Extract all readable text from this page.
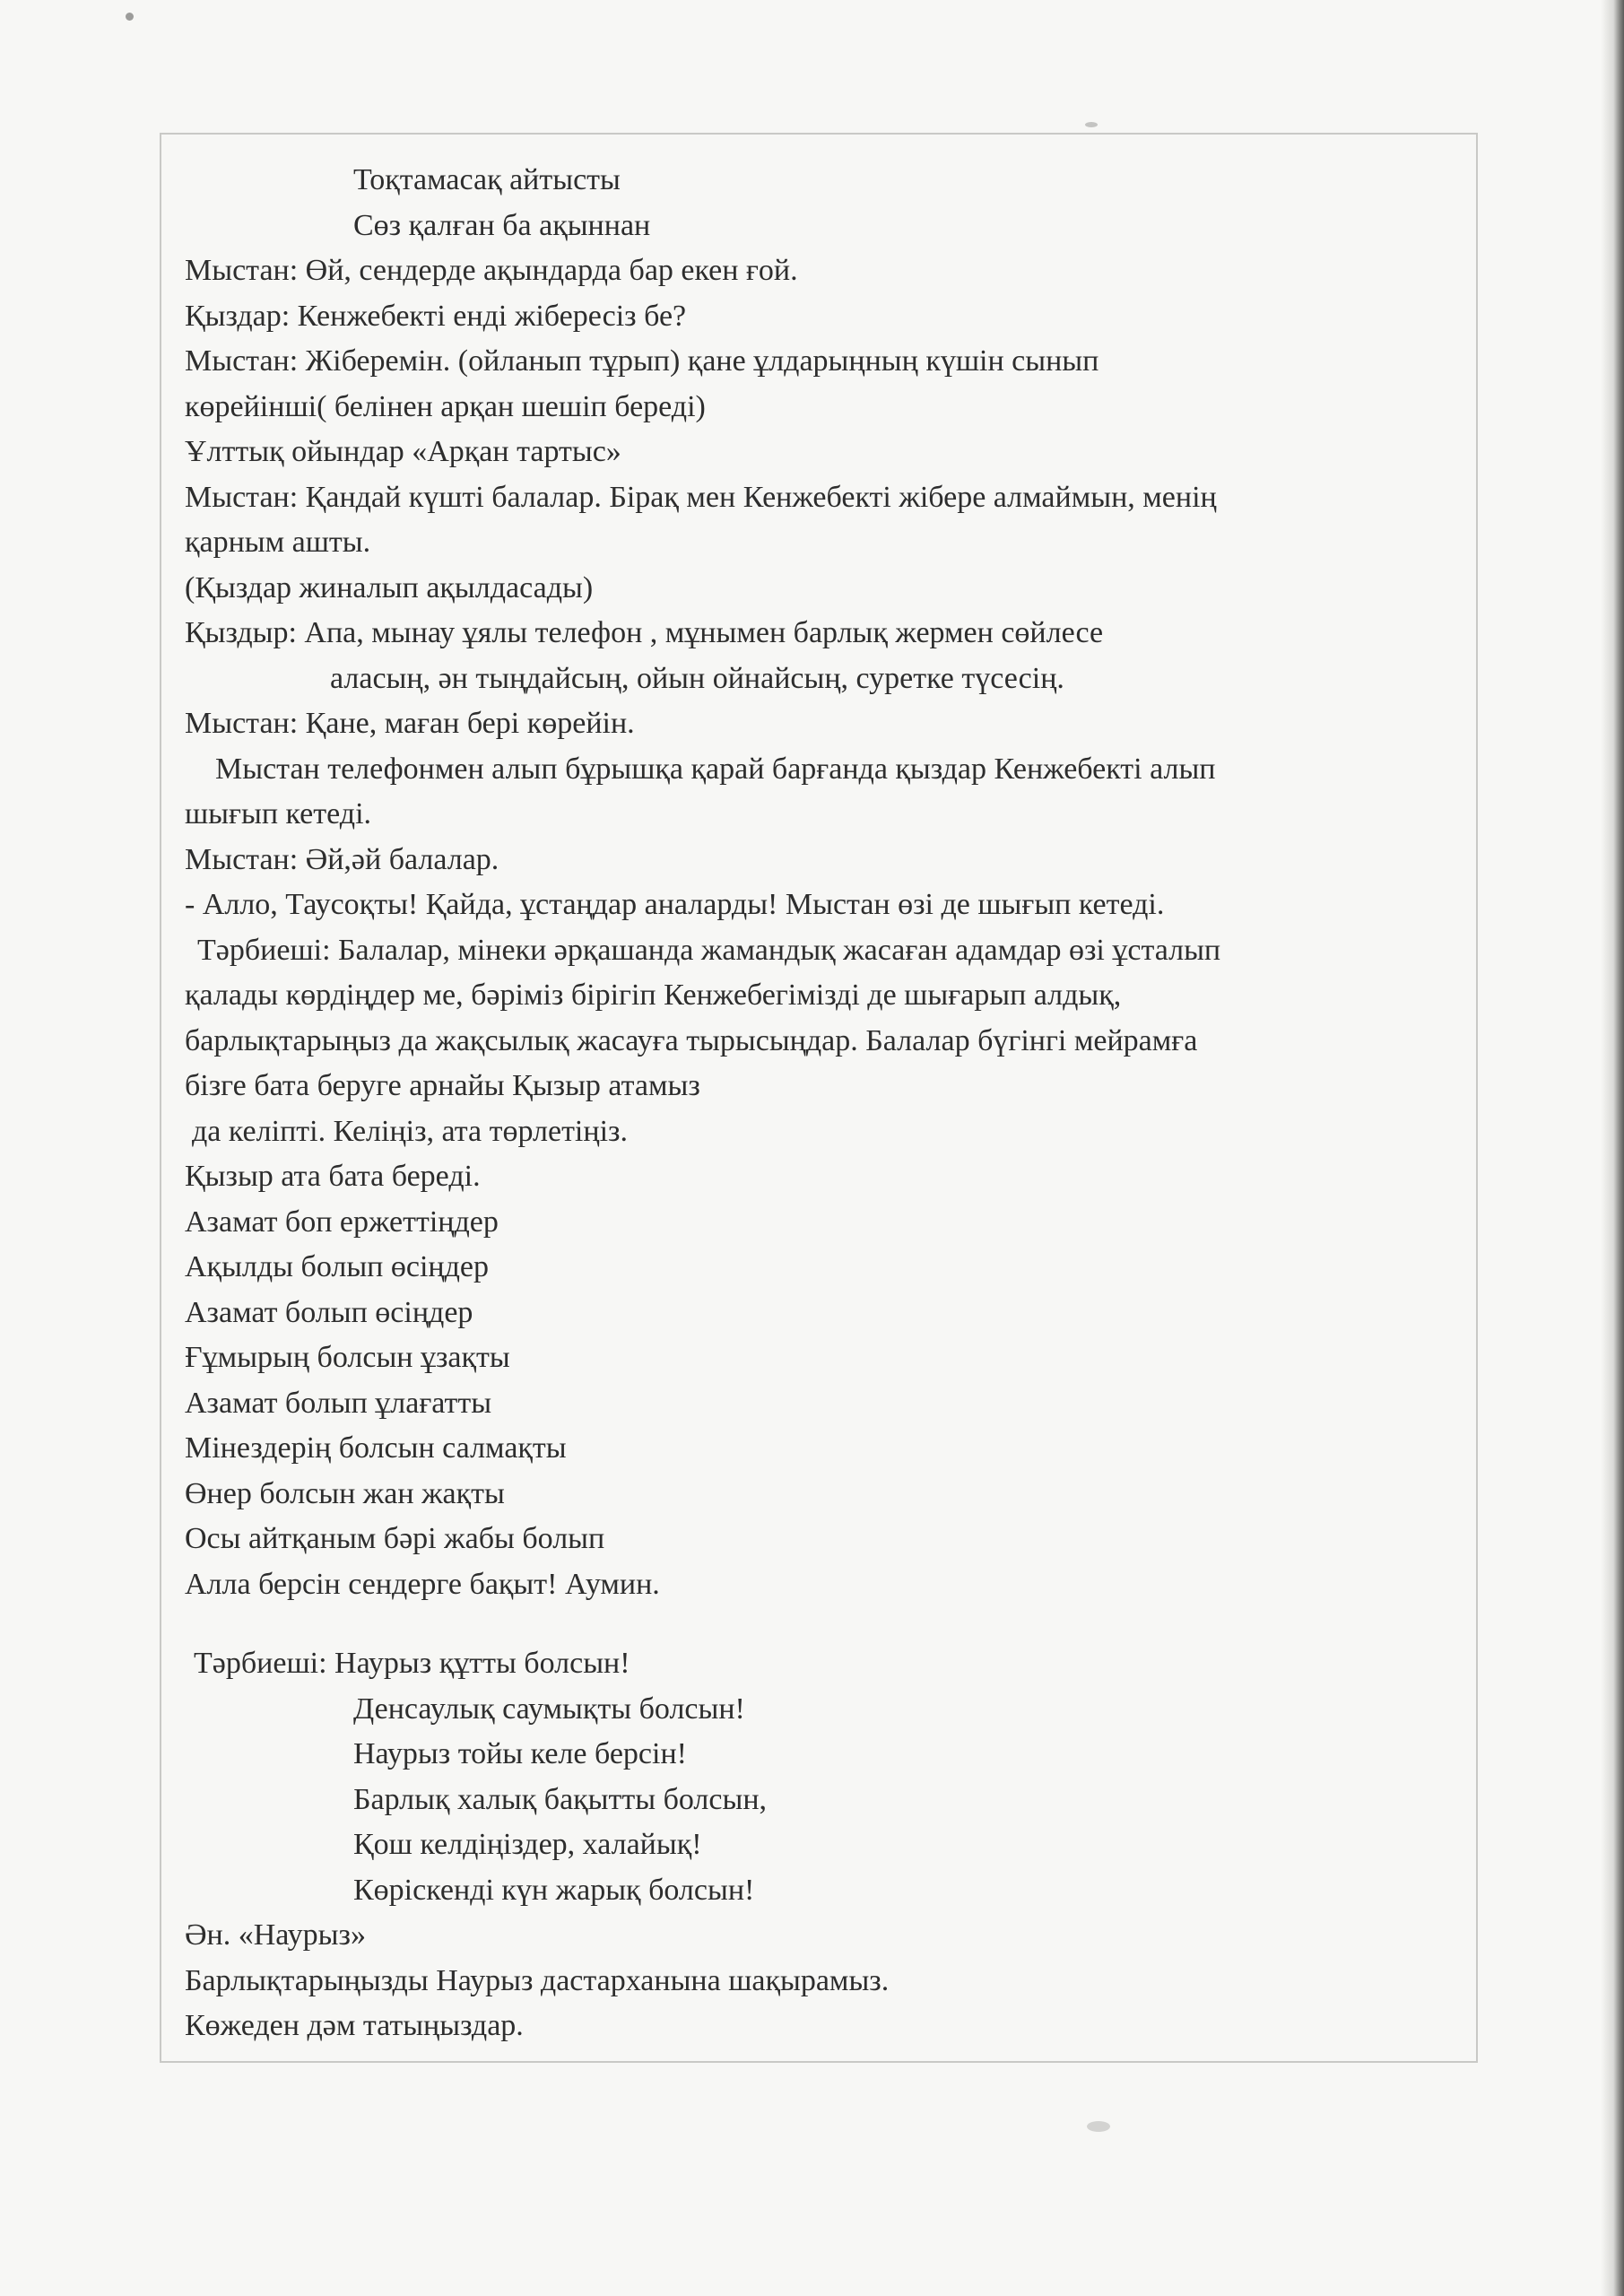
Тоқтамасақ айтысты
Сөз қалған ба ақыннан
Мыстан: Өй, сендерде ақындарда бар екен ғой.
Қыздар: Кенжебекті енді жібересіз бе?
Мыстан: Жіберемін. (ойланып тұрып) қане ұлдарыңның күшін сынып
көрейінші( белінен арқан шешіп береді)
Ұлттық ойындар «Арқан тартыс»
Мыстан: Қандай күшті балалар. Бірақ мен Кенжебекті жібере алмаймын, менің
қарным ашты.
(Қыздар жиналып ақылдасады)
Қыздыр: Апа, мынау ұялы телефон , мұнымен барлық жермен сөйлесе
аласың, ән тыңдайсың, ойын ойнайсың, суретке түсесің.
Мыстан: Қане, маған бері көрейін.
Мыстан телефонмен алып бұрышқа қарай барғанда қыздар Кенжебекті алып
шығып кетеді.
Мыстан: Әй,әй балалар.
- Алло, Таусоқты! Қайда, ұстаңдар аналарды! Мыстан өзі де шығып кетеді.
Тәрбиеші: Балалар, мінеки әрқашанда жамандық жасаған адамдар өзі ұсталып
қалады көрдіңдер ме, бәріміз бірігіп Кенжебегімізді де шығарып алдық,
барлықтарыңыз да жақсылық жасауға тырысыңдар. Балалар бүгінгі мейрамға
бізге бата беруге арнайы Қызыр атамыз
да келіпті. Келіңіз, ата төрлетіңіз.
Қызыр ата бата береді.
Азамат боп ержеттіңдер
Ақылды болып өсіңдер
Азамат болып өсіңдер
Ғұмырың болсын ұзақты
Азамат болып ұлағатты
Мінездерің болсын салмақты
Өнер болсын жан жақты
Осы айтқаным бәрі жабы болып
Алла берсін сендерге бақыт! Аумин.
Тәрбиеші: Наурыз құтты болсын!
Денсаулық саумықты болсын!
Наурыз тойы келе берсін!
Барлық халық бақытты болсын,
Қош келдіңіздер, халайық!
Көріскенді күн жарық болсын!
Ән. «Наурыз»
Барлықтарыңызды Наурыз дастарханына шақырамыз.
Көжеден дәм татыңыздар.
